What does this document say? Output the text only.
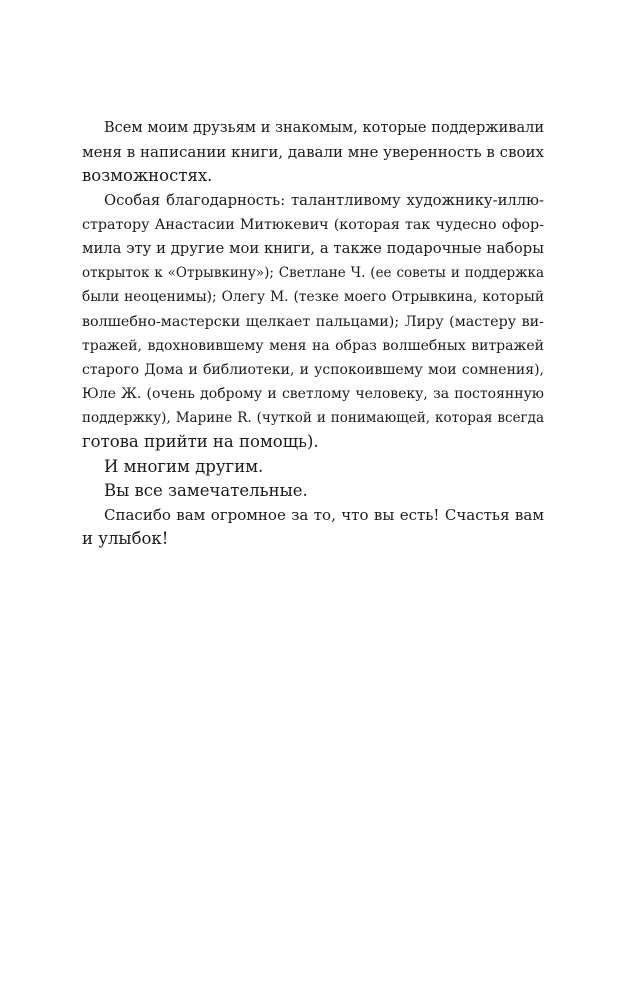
Всем моим друзьям и знакомым, которые поддерживали
меня в написании книги, давали мне уверенность в своих
возможностях.
Особая благодарность: талантливому художнику-иллю-
стратору Анастасии Митюкевич (которая так чудесно офор-
мила эту и другие мои книги, а также подарочные наборы
открыток к «Отрывкину»); Светлане Ч. (ее советы и поддержка
были неоценимы); Олегу М. (тезке моего Отрывкина, который
волшебно-мастерски щелкает пальцами); Лиру (мастеру ви-
тражей, вдохновившему меня на образ волшебных витражей
старого Дома и библиотеки, и успокоившему мои сомнения),
Юле Ж. (очень доброму и светлому человеку, за постоянную
поддержку), Марине R. (чуткой и понимающей, которая всегда
готова прийти на помощь).
И многим другим.
Вы все замечательные.
Спасибо вам огромное за то, что вы есть! Счастья вам
и улыбок!
